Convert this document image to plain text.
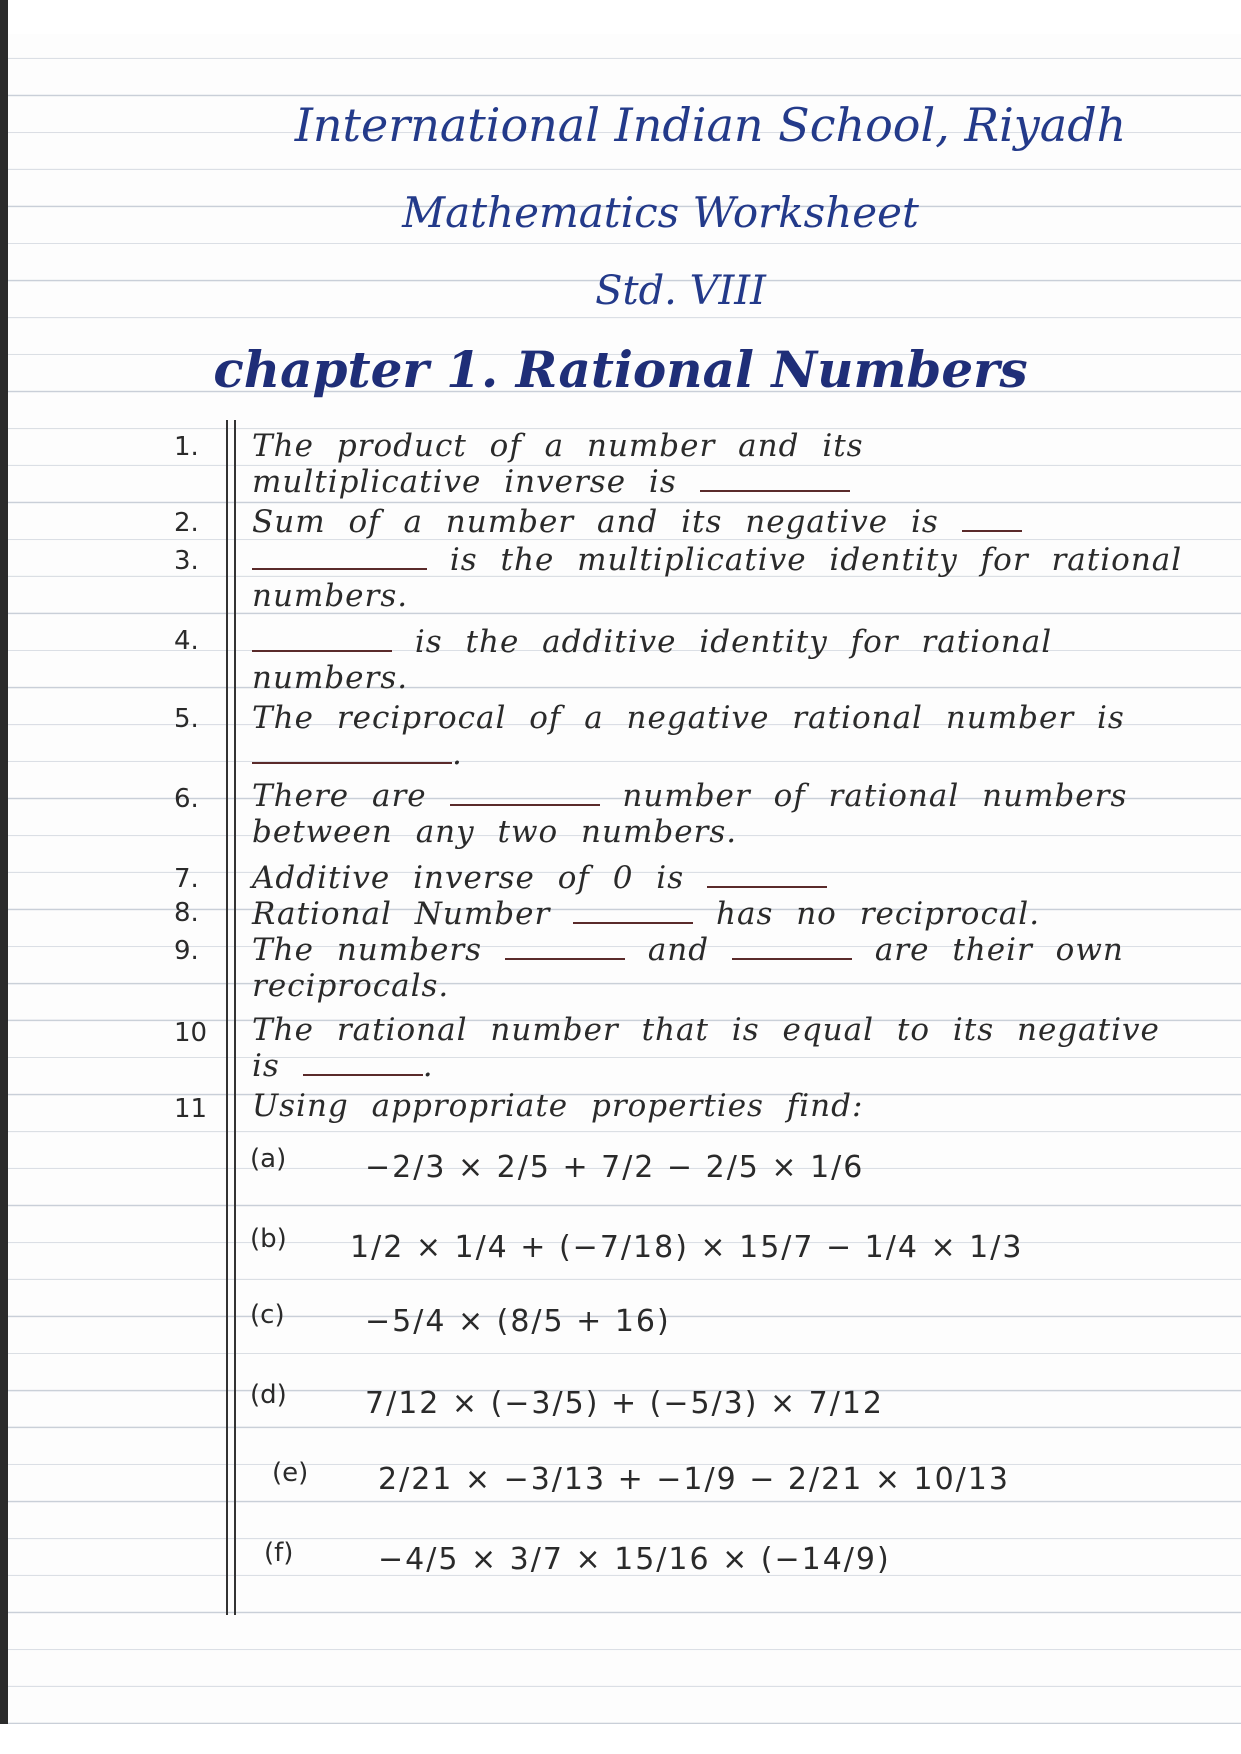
International Indian School, Riyadh
Mathematics Worksheet
Std. VIII
chapter 1. Rational Numbers
1.	The product of a number and its multiplicative inverse is
2.	Sum of a number and its negative is
3.	is the multiplicative identity for rational numbers.
4.	is the additive identity for rational numbers.
5.	The reciprocal of a negative rational number is .
6.	There are	number of rational numbers between any two numbers.
7.	Additive inverse of 0 is
8.	Rational Number	has no reciprocal.
9.	The numbers	and	are their own reciprocals.
10	The rational number that is equal to its negative is	.
11	Using appropriate properties find:
(a)	−2/3 × 2/5 + 7/2 − 2/5 × 1/6
(b) 1/2 × 1/4 + (−7/18) × 15/7 − 1/4 × 1/3
(c)	−5/4 × (8/5 + 16)
(d)	7/12 × (−3/5) + (−5/3) × 7/12
(e) 2/21 × −3/13 + −1/9 − 2/21 × 10/13
(f)	−4/5 × 3/7 × 15/16 × (−14/9)
